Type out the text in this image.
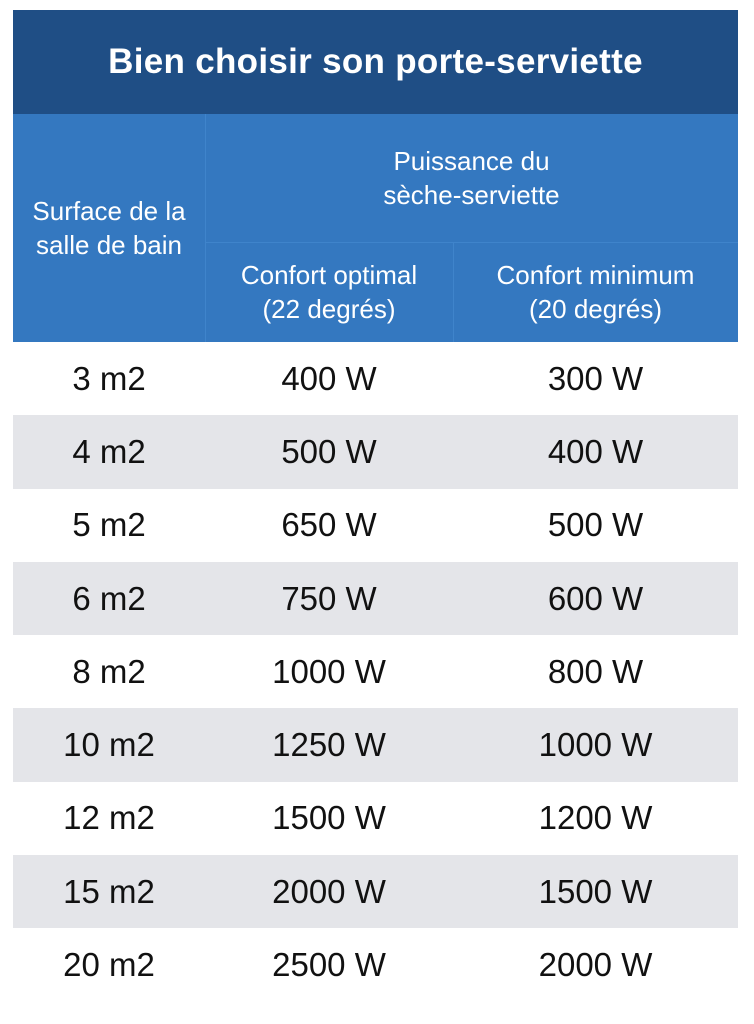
Bien choisir son porte-serviette
Surface de la
salle de bain
Puissance du
sèche-serviette
Confort optimal
(22 degrés)
Confort minimum
(20 degrés)
3 m2	400 W	300 W
4 m2	500 W	400 W
5 m2	650 W	500 W
6 m2	750 W	600 W
8 m2	1000 W	800 W
10 m2	1250 W	1000 W
12 m2	1500 W	1200 W
15 m2	2000 W	1500 W
20 m2	2500 W	2000 W
